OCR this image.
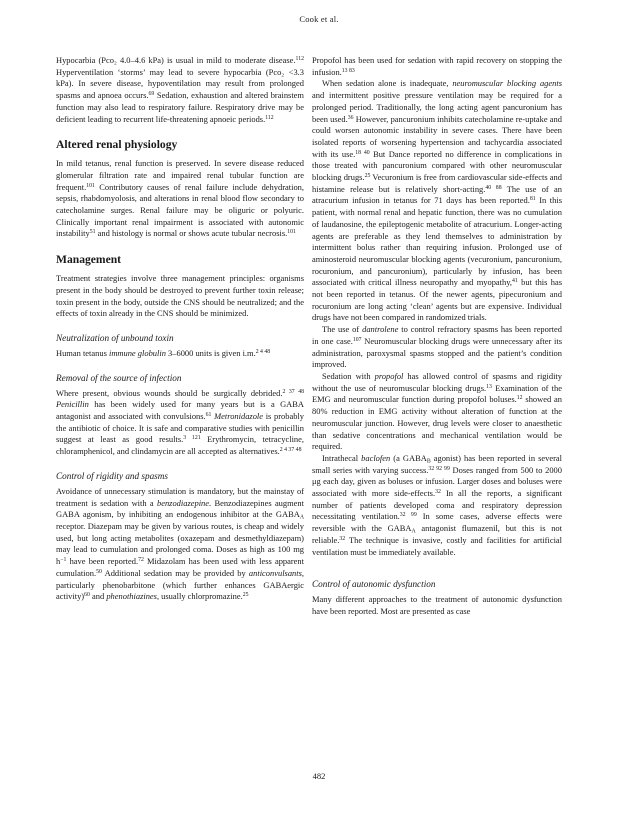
Cook et al.

Hypocarbia (Pco₂ 4.0–4.6 kPa) is usual in mild to moderate disease.$^{112}$ Hyperventilation ‘storms’ may lead to severe hypocarbia (Pco₂ <3.3 kPa). In severe disease, hypoventilation may result from prolonged spasms and apnoea occurs.$^{69}$ Sedation, exhaustion and altered brainstem function may also lead to respiratory failure. Respiratory drive may be deficient leading to recurrent life-threatening apnoeic periods.$^{112}$

Altered renal physiology

In mild tetanus, renal function is preserved. In severe disease reduced glomerular filtration rate and impaired renal tubular function are frequent.$^{101}$ Contributory causes of renal failure include dehydration, sepsis, rhabdomyolosis, and alterations in renal blood flow secondary to catecholamine surges. Renal failure may be oliguric or polyuric. Clinically important renal impairment is associated with autonomic instability$^{51}$ and histology is normal or shows acute tubular necrosis.$^{101}$

Management

Treatment strategies involve three management principles: organisms present in the body should be destroyed to prevent further toxin release; toxin present in the body, outside the CNS should be neutralized; and the effects of toxin already in the CNS should be minimized.

Neutralization of unbound toxin

Human tetanus immune globulin 3–6000 units is given i.m.$^{2 4 48}$

Removal of the source of infection

Where present, obvious wounds should be surgically debrided.$^{2 37 48}$ Penicillin has been widely used for many years but is a GABA antagonist and associated with convulsions.$^{61}$ Metronidazole is probably the antibiotic of choice. It is safe and comparative studies with penicillin suggest at least as good results.$^{3 121}$ Erythromycin, tetracycline, chloramphenicol, and clindamycin are all accepted as alternatives.$^{2 4 37 48}$

Control of rigidity and spasms

Avoidance of unnecessary stimulation is mandatory, but the mainstay of treatment is sedation with a benzodiazepine. Benzodiazepines augment GABA agonism, by inhibiting an endogenous inhibitor at the $GABA_A$ receptor. Diazepam may be given by various routes, is cheap and widely used, but long acting metabolites (oxazepam and desmethyldiazepam) may lead to cumulation and prolonged coma. Doses as high as 100 mg $h^{-1}$ have been reported.$^{72}$ Midazolam has been used with less apparent cumulation.$^{50}$ Additional sedation may be provided by anticonvulsants, particularly phenobarbitone (which further enhances GABAergic activity)$^{60}$ and phenothiazines, usually chlorpromazine.$^{25}$

Propofol has been used for sedation with rapid recovery on stopping the infusion.$^{13 83}$

When sedation alone is inadequate, neuromuscular blocking agents and intermittent positive pressure ventilation may be required for a prolonged period. Traditionally, the long acting agent pancuronium has been used.$^{36}$ However, pancuronium inhibits catecholamine re-uptake and could worsen autonomic instability in severe cases. There have been isolated reports of worsening hypertension and tachycardia associated with its use.$^{18 40}$ But Dance reported no difference in complications in those treated with pancuronium compared with other neuromuscular blocking drugs.$^{25}$ Vecuronium is free from cardiovascular side-effects and histamine release but is relatively short-acting.$^{40 88}$ The use of an atracurium infusion in tetanus for 71 days has been reported.$^{81}$ In this patient, with normal renal and hepatic function, there was no cumulation of laudanosine, the epileptogenic metabolite of atracurium. Longer-acting agents are preferable as they lend themselves to administration by intermittent bolus rather than requiring infusion. Prolonged use of aminosteroid neuromuscular blocking agents (vecuronium, pancuronium, rocuronium, and pancuronium), particularly by infusion, has been associated with critical illness neuropathy and myopathy,$^{41}$ but this has not been reported in tetanus. Of the newer agents, pipecuronium and rocuronium are long acting ‘clean’ agents but are expensive. Individual drugs have not been compared in randomized trials.

The use of dantrolene to control refractory spasms has been reported in one case.$^{107}$ Neuromuscular blocking drugs were unnecessary after its administration, paroxysmal spasms stopped and the patient’s condition improved.

Sedation with propofol has allowed control of spasms and rigidity without the use of neuromuscular blocking drugs.$^{13}$ Examination of the EMG and neuromuscular function during propofol boluses.$^{12}$ showed an 80% reduction in EMG activity without alteration of function at the neuromuscular junction. However, drug levels were closer to anaesthetic than sedative concentrations and mechanical ventilation would be required.

Intrathecal baclofen (a $GABA_B$ agonist) has been reported in several small series with varying success.$^{32 92 99}$ Doses ranged from 500 to 2000 μg each day, given as boluses or infusion. Larger doses and boluses were associated with more side-effects.$^{32}$ In all the reports, a significant number of patients developed coma and respiratory depression necessitating ventilation.$^{32 99}$ In some cases, adverse effects were reversible with the $GABA_A$ antagonist flumazenil, but this is not reliable.$^{32}$ The technique is invasive, costly and facilities for artificial ventilation must be immediately available.

Control of autonomic dysfunction

Many different approaches to the treatment of autonomic dysfunction have been reported. Most are presented as case

482
